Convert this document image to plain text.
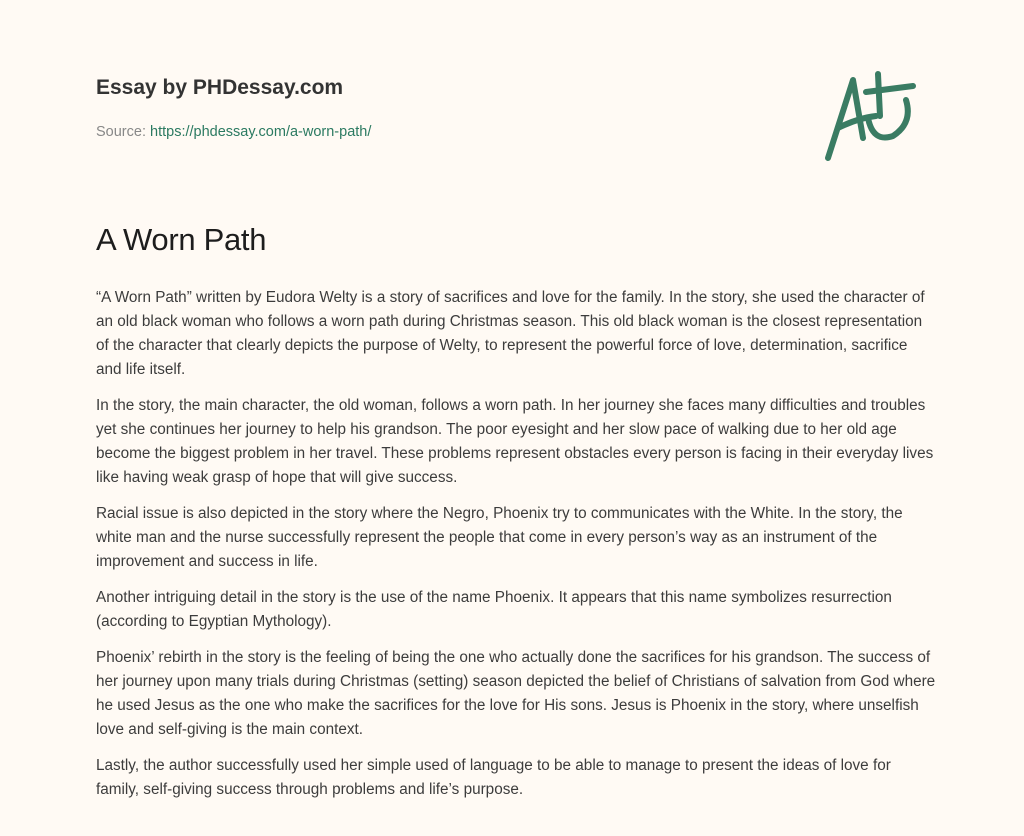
Essay by PHDessay.com
Source: https://phdessay.com/a-worn-path/
A Worn Path

“A Worn Path” written by Eudora Welty is a story of sacrifices and love for the family. In the story, she used the character of an old black woman who follows a worn path during Christmas season. This old black woman is the closest representation of the character that clearly depicts the purpose of Welty, to represent the powerful force of love, determination, sacrifice and life itself.

In the story, the main character, the old woman, follows a worn path. In her journey she faces many difficulties and troubles yet she continues her journey to help his grandson. The poor eyesight and her slow pace of walking due to her old age become the biggest problem in her travel. These problems represent obstacles every person is facing in their everyday lives like having weak grasp of hope that will give success.

Racial issue is also depicted in the story where the Negro, Phoenix try to communicates with the White. In the story, the white man and the nurse successfully represent the people that come in every person’s way as an instrument of the improvement and success in life.

Another intriguing detail in the story is the use of the name Phoenix. It appears that this name symbolizes resurrection (according to Egyptian Mythology).

Phoenix’ rebirth in the story is the feeling of being the one who actually done the sacrifices for his grandson. The success of her journey upon many trials during Christmas (setting) season depicted the belief of Christians of salvation from God where he used Jesus as the one who make the sacrifices for the love for His sons. Jesus is Phoenix in the story, where unselfish love and self-giving is the main context.

Lastly, the author successfully used her simple used of language to be able to manage to present the ideas of love for family, self-giving success through problems and life’s purpose.
